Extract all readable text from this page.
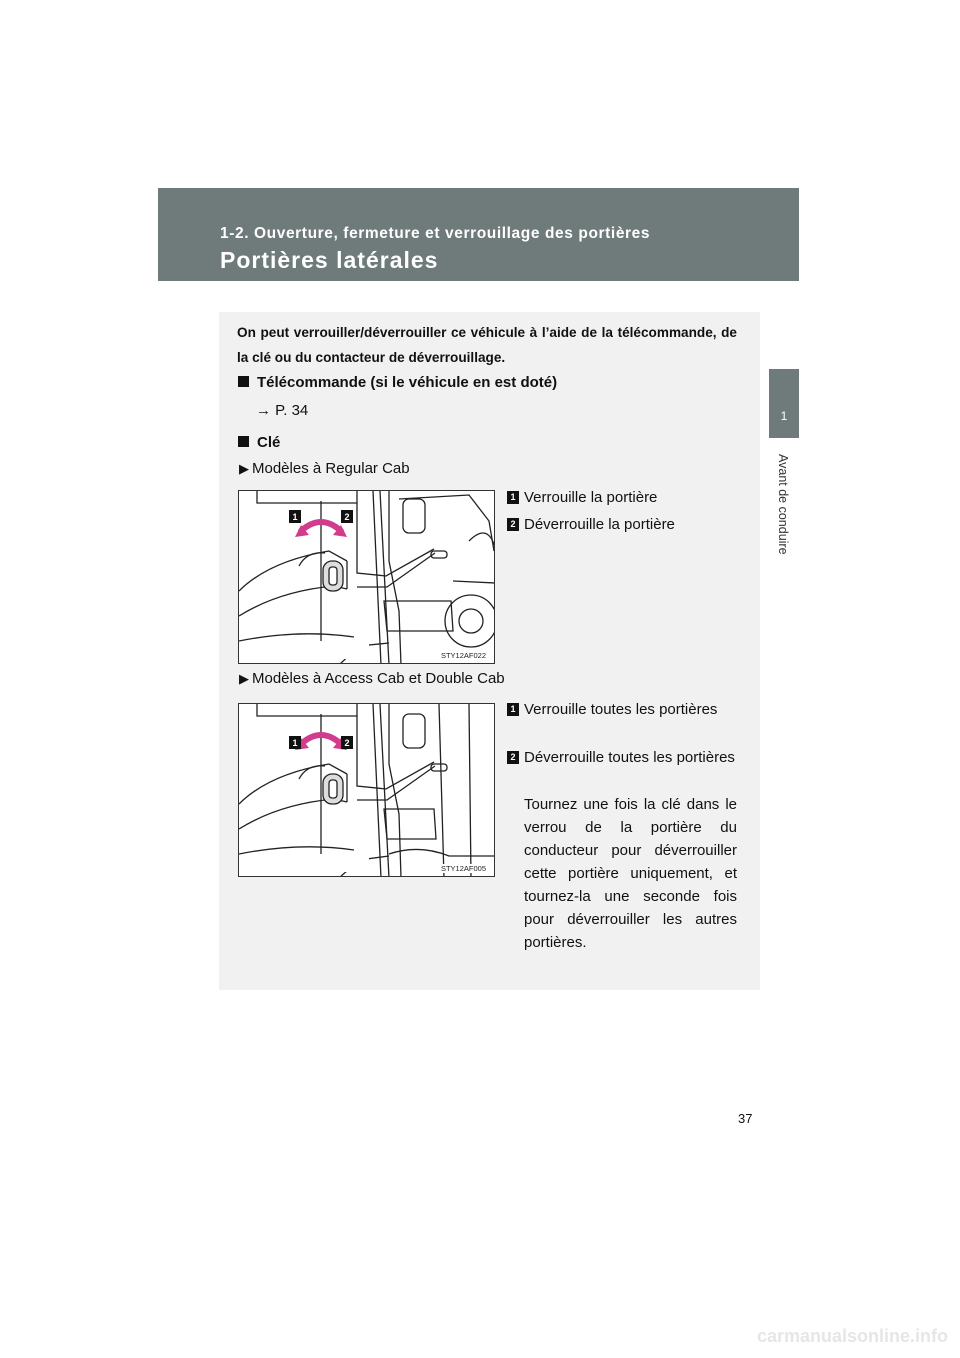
1-2. Ouverture, fermeture et verrouillage des portières
Portières latérales
1
Avant de conduire
On peut verrouiller/déverrouiller ce véhicule à l’aide de la télécommande, de la clé ou du contacteur de déverrouillage.
Télécommande (si le véhicule en est doté)
→ P. 34
Clé
▶ Modèles à Regular Cab
1	2
STY12AF022
1 Verrouille la portière
2 Déverrouille la portière
▶ Modèles à Access Cab et Double Cab
1	2
STY12AF005
1 Verrouille toutes les portières
2 Déverrouille toutes les portières
Tournez une fois la clé dans le verrou de la portière du conducteur pour déverrouiller cette portière uniquement, et tournez-la une seconde fois pour déverrouiller les autres portières.
37
carmanualsonline.info
